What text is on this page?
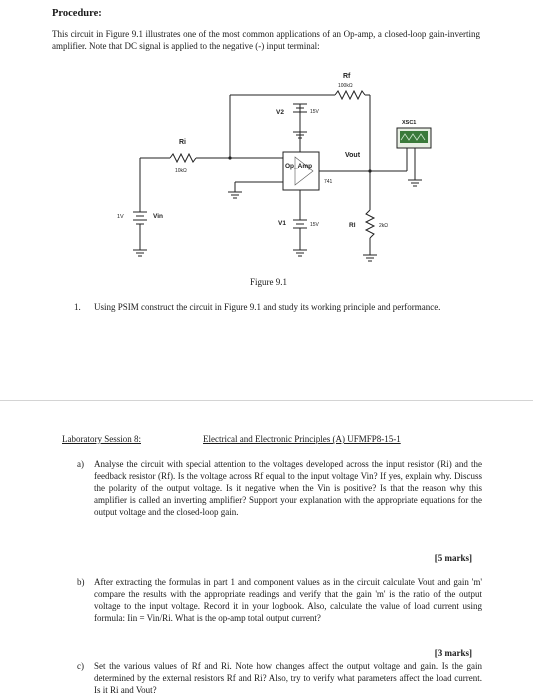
Procedure:
This circuit in Figure 9.1 illustrates one of the most common applications of an Op-amp, a closed-loop gain-inverting amplifier. Note that DC signal is applied to the negative (-) input terminal:
Rf
100kΩ
V2	15V
XSC1
Ri
10kΩ
Op_Amp
741
Vout
1V	Vin
V1	15V	Rl	2kΩ
Figure 9.1
1. Using PSIM construct the circuit in Figure 9.1 and study its working principle and performance.
Laboratory Session 8:	Electrical and Electronic Principles (A) UFMFP8-15-1
a) Analyse the circuit with special attention to the voltages developed across the input resistor (Ri) and the feedback resistor (Rf). Is the voltage across Rf equal to the input voltage Vin? If yes, explain why. Discuss the polarity of the output voltage. Is it negative when the Vin is positive? Is that the reason why this amplifier is called an inverting amplifier? Support your explanation with the appropriate equations for the output voltage and the closed-loop gain.
[5 marks]
b) After extracting the formulas in part 1 and component values as in the circuit calculate Vout and gain 'm' compare the results with the appropriate readings and verify that the gain 'm' is the ratio of the output voltage to the input voltage. Record it in your logbook. Also, calculate the value of load current using formula: Iin = Vin/Ri. What is the op-amp total output current?
[3 marks]
c) Set the various values of Rf and Ri. Note how changes affect the output voltage and gain. Is the gain determined by the external resistors Rf and Ri? Also, try to verify what parameters affect the load current. Is it Ri and Vout?
